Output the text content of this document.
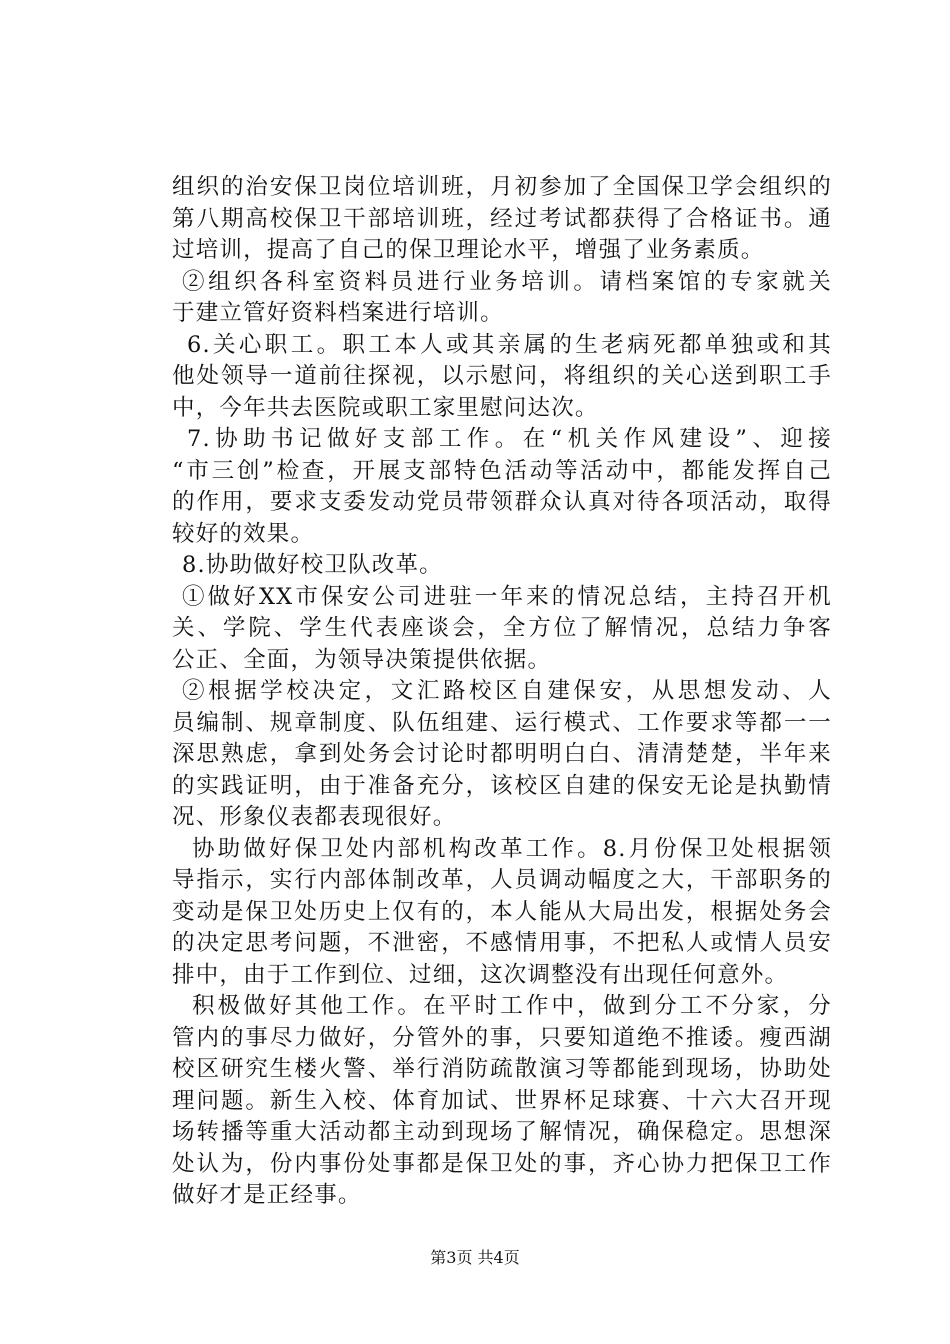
组织的治安保卫岗位培训班，月初参加了全国保卫学会组织的
第八期高校保卫干部培训班，经过考试都获得了合格证书。通
过培训，提高了自己的保卫理论水平，增强了业务素质。
②组织各科室资料员进行业务培训。请档案馆的专家就关
于建立管好资料档案进行培训。
6.关心职工。职工本人或其亲属的生老病死都单独或和其
他处领导一道前往探视，以示慰问，将组织的关心送到职工手
中，今年共去医院或职工家里慰问达次。
7.协助书记做好支部工作。在“机关作风建设”、迎接
“市三创”检查，开展支部特色活动等活动中，都能发挥自己
的作用，要求支委发动党员带领群众认真对待各项活动，取得
较好的效果。
8.协助做好校卫队改革。
①做好XX市保安公司进驻一年来的情况总结，主持召开机
关、学院、学生代表座谈会，全方位了解情况，总结力争客
公正、全面，为领导决策提供依据。
②根据学校决定，文汇路校区自建保安，从思想发动、人
员编制、规章制度、队伍组建、运行模式、工作要求等都一一
深思熟虑，拿到处务会讨论时都明明白白、清清楚楚，半年来
的实践证明，由于准备充分，该校区自建的保安无论是执勤情
况、形象仪表都表现很好。
协助做好保卫处内部机构改革工作。8.月份保卫处根据领
导指示，实行内部体制改革，人员调动幅度之大，干部职务的
变动是保卫处历史上仅有的，本人能从大局出发，根据处务会
的决定思考问题，不泄密，不感情用事，不把私人或情人员安
排中，由于工作到位、过细，这次调整没有出现任何意外。
积极做好其他工作。在平时工作中，做到分工不分家，分
管内的事尽力做好，分管外的事，只要知道绝不推诿。瘦西湖
校区研究生楼火警、举行消防疏散演习等都能到现场，协助处
理问题。新生入校、体育加试、世界杯足球赛、十六大召开现
场转播等重大活动都主动到现场了解情况，确保稳定。思想深
处认为，份内事份处事都是保卫处的事，齐心协力把保卫工作
做好才是正经事。
第3页 共4页
